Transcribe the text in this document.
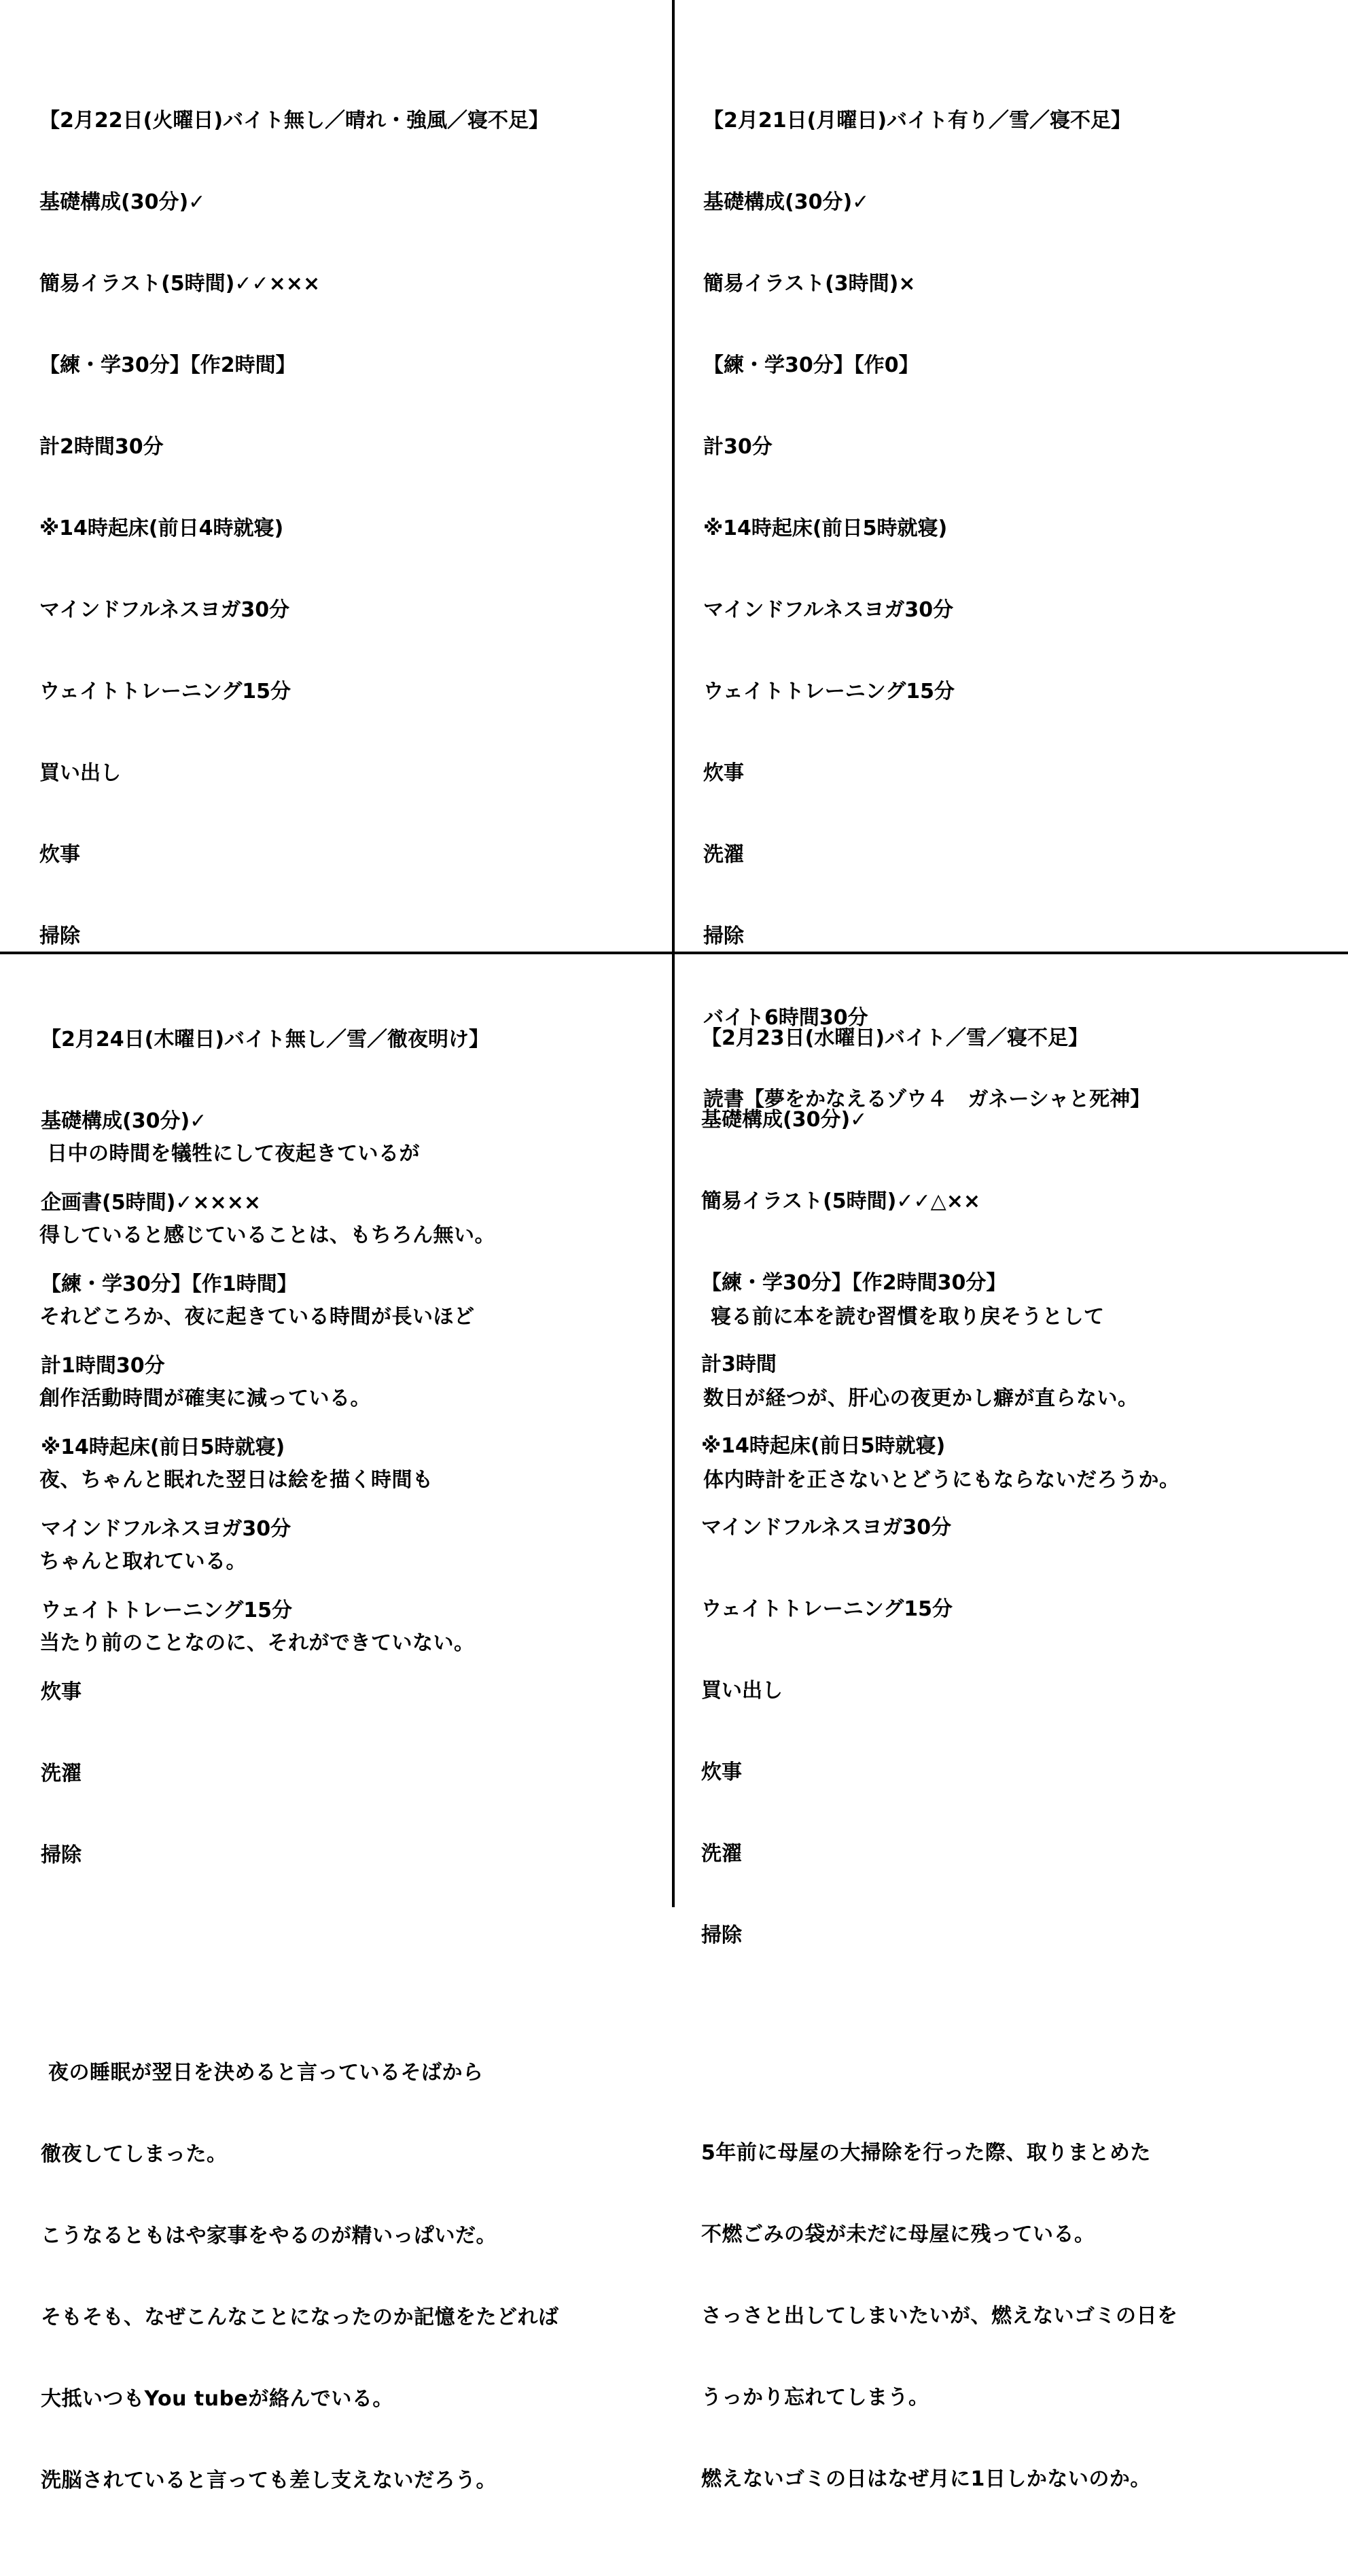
【2月22日(火曜日)バイト無し／晴れ・強風／寝不足】

基礎構成(30分)✓

簡易イラスト(5時間)✓✓×××

【練・学30分】【作2時間】

計2時間30分

※14時起床(前日4時就寝)

マインドフルネスヨガ30分

ウェイトトレーニング15分

買い出し

炊事

掃除

日中の時間を犠牲にして夜起きているが

得していると感じていることは、もちろん無い。

それどころか、夜に起きている時間が長いほど

創作活動時間が確実に減っている。

夜、ちゃんと眠れた翌日は絵を描く時間も

ちゃんと取れている。

当たり前のことなのに、それができていない。

【2月21日(月曜日)バイト有り／雪／寝不足】

基礎構成(30分)✓

簡易イラスト(3時間)×

【練・学30分】【作0】

計30分

※14時起床(前日5時就寝)

マインドフルネスヨガ30分

ウェイトトレーニング15分

炊事

洗濯

掃除

バイト6時間30分

読書【夢をかなえるゾウ４　ガネーシャと死神】

寝る前に本を読む習慣を取り戻そうとして

数日が経つが、肝心の夜更かし癖が直らない。

体内時計を正さないとどうにもならないだろうか。

【2月24日(木曜日)バイト無し／雪／徹夜明け】

基礎構成(30分)✓

企画書(5時間)✓××××

【練・学30分】【作1時間】

計1時間30分

※14時起床(前日5時就寝)

マインドフルネスヨガ30分

ウェイトトレーニング15分

炊事

洗濯

掃除

夜の睡眠が翌日を決めると言っているそばから

徹夜してしまった。

こうなるともはや家事をやるのが精いっぱいだ。

そもそも、なぜこんなことになったのか記憶をたどれば

大抵いつもYou tubeが絡んでいる。

洗脳されていると言っても差し支えないだろう。

【2月23日(水曜日)バイト／雪／寝不足】

基礎構成(30分)✓

簡易イラスト(5時間)✓✓△××

【練・学30分】【作2時間30分】

計3時間

※14時起床(前日5時就寝)

マインドフルネスヨガ30分

ウェイトトレーニング15分

買い出し

炊事

洗濯

掃除

5年前に母屋の大掃除を行った際、取りまとめた

不燃ごみの袋が未だに母屋に残っている。

さっさと出してしまいたいが、燃えないゴミの日を

うっかり忘れてしまう。

燃えないゴミの日はなぜ月に1日しかないのか。
